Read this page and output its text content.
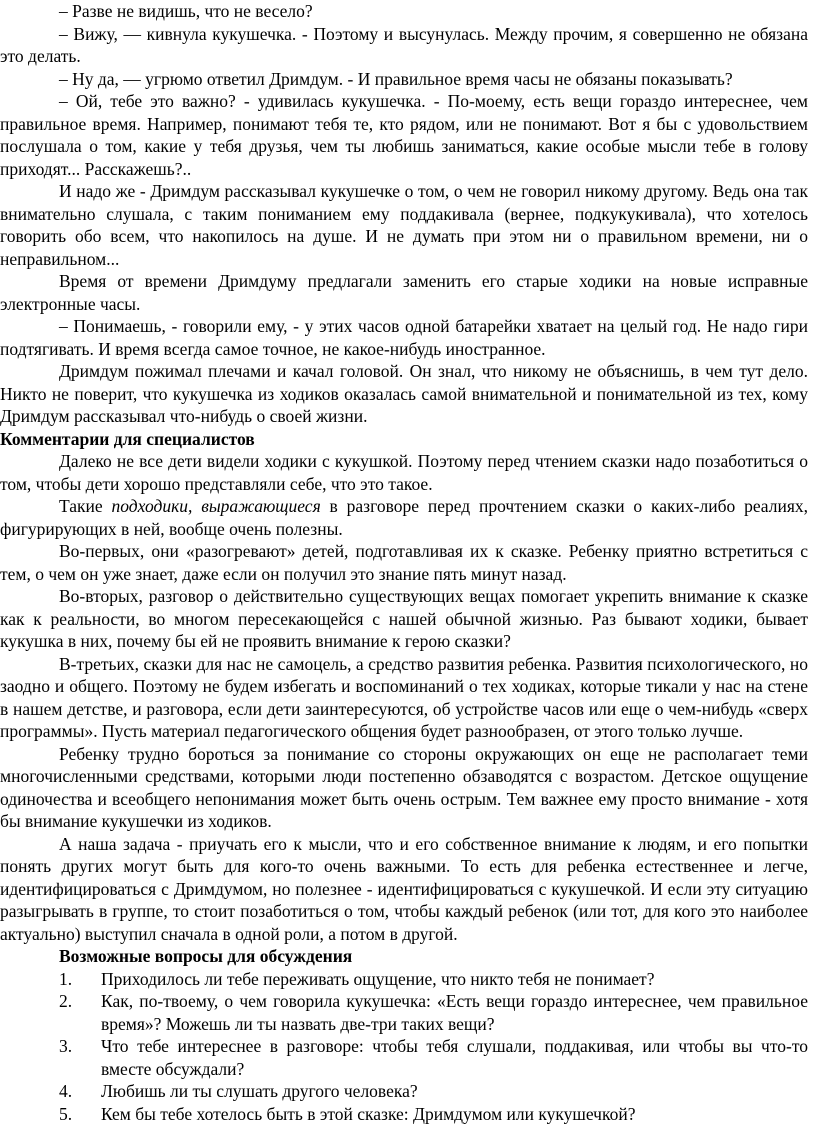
– Разве не видишь, что не весело?

– Вижу, — кивнула кукушечка. - Поэтому и высунулась. Между прочим, я совершенно не обязана это делать.

– Ну да, — угрюмо ответил Дримдум. - И правильное время часы не обязаны показывать?

– Ой, тебе это важно? - удивилась кукушечка. - По-моему, есть вещи гораздо интереснее, чем правильное время. Например, понимают тебя те, кто рядом, или не понимают. Вот я бы с удовольствием послушала о том, какие у тебя друзья, чем ты любишь заниматься, какие особые мысли тебе в голову приходят... Расскажешь?..

И надо же - Дримдум рассказывал кукушечке о том, о чем не говорил никому другому. Ведь она так внимательно слушала, с таким пониманием ему поддакивала (вернее, подкукукивала), что хотелось говорить обо всем, что накопилось на душе. И не думать при этом ни о правильном времени, ни о неправильном...

Время от времени Дримдуму предлагали заменить его старые ходики на новые исправные электронные часы.

– Понимаешь, - говорили ему, - у этих часов одной батарейки хватает на целый год. Не надо гири подтягивать. И время всегда самое точное, не какое-нибудь иностранное.

Дримдум пожимал плечами и качал головой. Он знал, что никому не объяснишь, в чем тут дело. Никто не поверит, что кукушечка из ходиков оказалась самой внимательной и понимательной из тех, кому Дримдум рассказывал что-нибудь о своей жизни.

Комментарии для специалистов

Далеко не все дети видели ходики с кукушкой. Поэтому перед чтением сказки надо позаботиться о том, чтобы дети хорошо представляли себе, что это такое.

Такие подходики, выражающиеся в разговоре перед прочтением сказки о каких-либо реалиях, фигурирующих в ней, вообще очень полезны.

Во-первых, они «разогревают» детей, подготавливая их к сказке. Ребенку приятно встретиться с тем, о чем он уже знает, даже если он получил это знание пять минут назад.

Во-вторых, разговор о действительно существующих вещах помогает укрепить внимание к сказке как к реальности, во многом пересекающейся с нашей обычной жизнью. Раз бывают ходики, бывает кукушка в них, почему бы ей не проявить внимание к герою сказки?

В-третьих, сказки для нас не самоцель, а средство развития ребенка. Развития психологического, но заодно и общего. Поэтому не будем избегать и воспоминаний о тех ходиках, которые тикали у нас на стене в нашем детстве, и разговора, если дети заинтересуются, об устройстве часов или еще о чем-нибудь «сверх программы». Пусть материал педагогического общения будет разнообразен, от этого только лучше.

Ребенку трудно бороться за понимание со стороны окружающих он еще не располагает теми многочисленными средствами, которыми люди постепенно обзаводятся с возрастом. Детское ощущение одиночества и всеобщего непонимания может быть очень острым. Тем важнее ему просто внимание - хотя бы внимание кукушечки из ходиков.

А наша задача - приучать его к мысли, что и его собственное внимание к людям, и его попытки понять других могут быть для кого-то очень важными. То есть для ребенка естественнее и легче, идентифицироваться с Дримдумом, но полезнее - идентифицироваться с кукушечкой. И если эту ситуацию разыгрывать в группе, то стоит позаботиться о том, чтобы каждый ребенок (или тот, для кого это наиболее актуально) выступил сначала в одной роли, а потом в другой.

Возможные вопросы для обсуждения

1. Приходилось ли тебе переживать ощущение, что никто тебя не понимает?
2. Как, по-твоему, о чем говорила кукушечка: «Есть вещи гораздо интереснее, чем правильное время»? Можешь ли ты назвать две-три таких вещи?
3. Что тебе интереснее в разговоре: чтобы тебя слушали, поддакивая, или чтобы вы что-то вместе обсуждали?
4. Любишь ли ты слушать другого человека?
5. Кем бы тебе хотелось быть в этой сказке: Дримдумом или кукушечкой?
